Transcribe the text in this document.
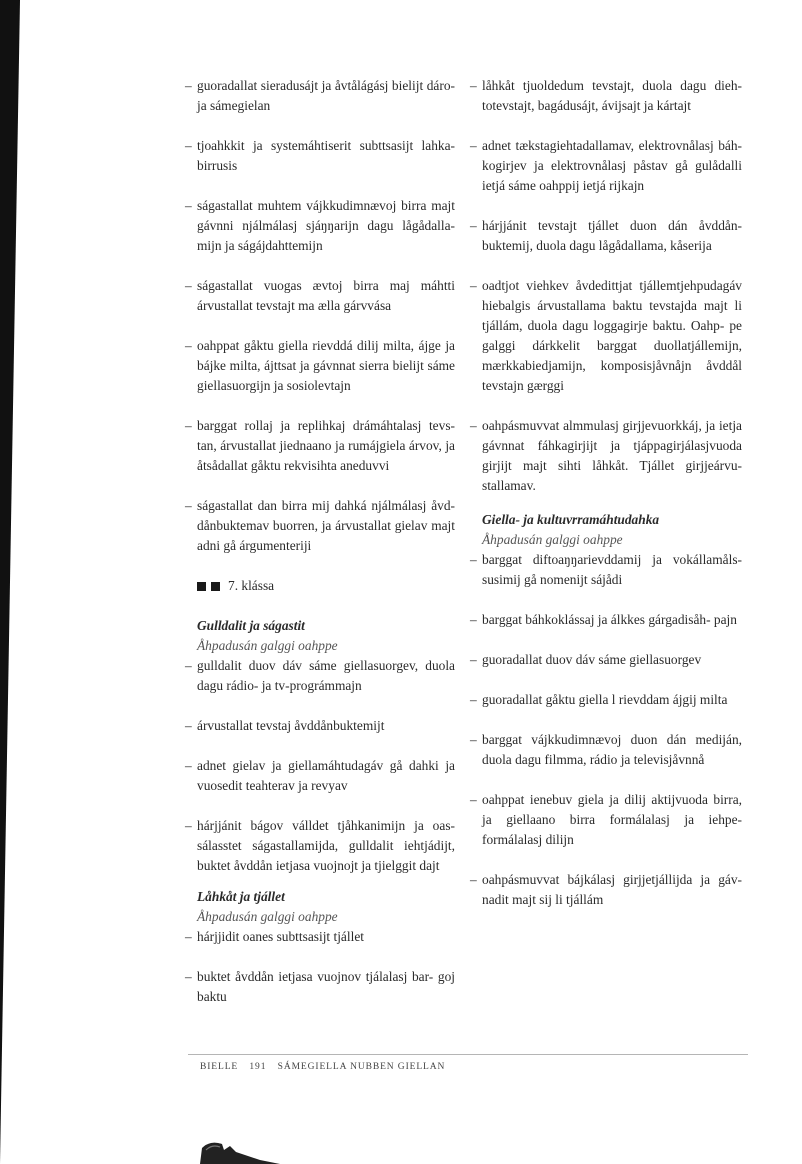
– guoradallat sieradusájt ja åvtålágásj bielijt dáro- ja sámegielan
– tjoahkkit ja systemáhtiserit subttsasijt lahka- birrusis
– ságastallat muhtem vájkkudimnævoj birra majt gávnni njálmálasj sjáŋŋarijn dagu lågådalla- mijn ja ságájdahttemijn
– ságastallat vuogas ævtoj birra maj máhtti árvustallat tevstajt ma ælla gárvvása
– oahppat gåktu giella rievddá dilij milta, ájge ja bájke milta, ájttsat ja gávnnat sierra bielijt sáme giellasuorgijn ja sosiolevtajn
– barggat rollaj ja replihkaj drámáhtalasj tevs- tan, árvustallat jiednaano ja rumájgiela árvov, ja åtsådallat gåktu rekvisihta aneduvvi
– ságastallat dan birra mij dahká njálmálasj åvd- dånbuktemav buorren, ja árvustallat gielav majt adni gå árgumenteriji
7. klássa
Gulldalit ja ságastit
Åhpadusán galggi oahppe
– gulldalit duov dáv sáme giellasuorgev, duola dagu rádio- ja tv-prográmmajn
– árvustallat tevstaj åvddånbuktemijt
– adnet gielav ja giellamáhtudagáv gå dahki ja vuosedit teahterav ja revyav
– hárjjánit bágov válldet tjåhkanimijn ja oas- sálasstet ságastallamijda, gulldalit iehtjádijt, buktet åvddån ietjasa vuojnojt ja tjielggit dajt
Låhkåt ja tjállet
Åhpadusán galggi oahppe
– hárjjidit oanes subttsasijt tjállet
– buktet åvddån ietjasa vuojnov tjálalasj bar- goj baktu
– låhkåt tjuoldedum tevstajt, duola dagu dieh- totevstajt, bagádusájt, ávijsajt ja kártajt
– adnet tækstagiehtadallamav, elektrovnålasj báh- kogirjev ja elektrovnålasj påstav gå gulådalli ietjá sáme oahppij ietjá rijkajn
– hárjjánit tevstajt tjállet duon dán åvddån- buktemij, duola dagu lågådallama, kåserija
– oadtjot viehkev åvdedittjat tjállemtjehpudagáv hiebalgis árvustallama baktu tevstajda majt li tjállám, duola dagu loggagirje baktu. Oahp- pe galggi dárkkelit barggat duollatjállemijn, mærkkabiedjamijn, komposisjåvnåjn åvddål tevstajn gærggi
– oahpásmuvvat almmulasj girjjevuorkkáj, ja ietja gávnnat fáhkagirjijt ja tjáppagirjálasjvuoda girjijt majt sihti låhkåt. Tjállet girjjeárvu- stallamav.
Giella- ja kultuvrramáhtudahka
Åhpadusán galggi oahppe
– barggat diftoaŋŋarievddamij ja vokállamåls- susimij gå nomenijt sájådi
– barggat báhkoklássaj ja álkkes gárgadisåh- pajn
– guoradallat duov dáv sáme giellasuorgev
– guoradallat gåktu giella l rievddam ájgij milta
– barggat vájkkudimnævoj duon dán mediján, duola dagu filmma, rádio ja televisjåvnnå
– oahppat ienebuv giela ja dilij aktijvuoda birra, ja giellaano birra formálalasj ja iehpe- formálalasj dilijn
– oahpásmuvvat bájkálasj girjjetjállijda ja gáv- nadit majt sij li tjállám
BIELLE 191 SÁMEGIELLA NUBBEN GIELLAN
